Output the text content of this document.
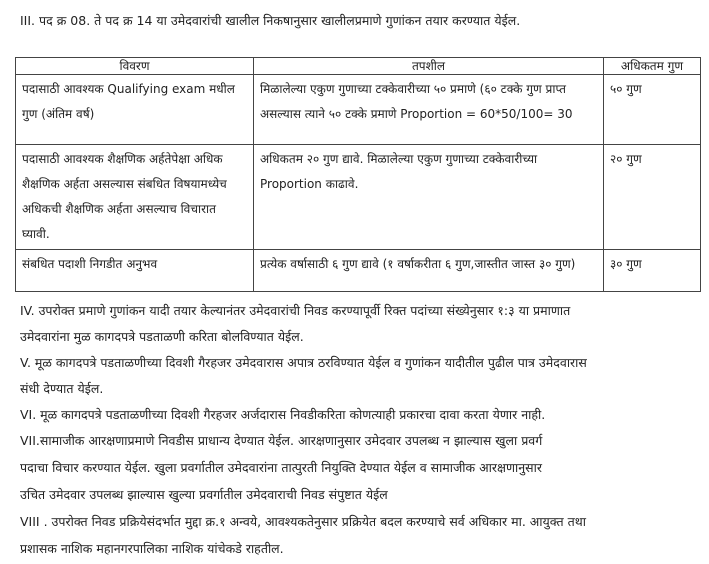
III. पद क्र 08. ते पद क्र 14 या उमेदवारांची खालील निकषानुसार खालीलप्रमाणे गुणांकन तयार करण्यात येईल.
विवरण	तपशील	अधिकतम गुण
पदासाठी आवश्यक Qualifying exam मधील गुण (अंतिम वर्ष)	मिळालेल्या एकुण गुणाच्या टक्केवारीच्या ५० प्रमाणे (६० टक्के गुण प्राप्त असल्यास त्याने ५० टक्के प्रमाणे Proportion = 60*50/100= 30	५० गुण
पदासाठी आवश्यक शैक्षणिक अर्हतेपेक्षा अधिक शैक्षणिक अर्हता असल्यास संबधित विषयामध्येच अधिकची शैक्षणिक अर्हता असल्याच विचारात घ्यावी.	अधिकतम २० गुण द्यावे. मिळालेल्या एकुण गुणाच्या टक्केवारीच्या Proportion काढावे.	२० गुण
संबधित पदाशी निगडीत अनुभव	प्रत्येक वर्षासाठी ६ गुण द्यावे (१ वर्षाकरीता ६ गुण,जास्तीत जास्त ३० गुण)	३० गुण
IV. उपरोक्त प्रमाणे गुणांकन यादी तयार केल्यानंतर उमेदवारांची निवड करण्यापूर्वी रिक्त पदांच्या संख्येनुसार १:३ या प्रमाणात
उमेदवारांना मुळ कागदपत्रे पडताळणी करिता बोलविण्यात येईल.
V. मूळ कागदपत्रे पडताळणीच्या दिवशी गैरहजर उमेदवारास अपात्र ठरविण्यात येईल व गुणांकन यादीतील पुढील पात्र उमेदवारास
संधी देण्यात येईल.
VI. मूळ कागदपत्रे पडताळणीच्या दिवशी गैरहजर अर्जदारास निवडीकरिता कोणत्याही प्रकारचा दावा करता येणार नाही.
VII.सामाजीक आरक्षणाप्रमाणे निवडीस प्राधान्य देण्यात येईल. आरक्षणानुसार उमेदवार उपलब्ध न झाल्यास खुला प्रवर्ग
पदाचा विचार करण्यात येईल. खुला प्रवर्गातील उमेदवारांना तात्पुरती नियुक्ति देण्यात येईल व सामाजीक आरक्षणानुसार
उचित उमेदवार उपलब्ध झाल्यास खुल्या प्रवर्गातील उमेदवाराची निवड संपुष्टात येईल
VIII . उपरोक्त निवड प्रक्रियेसंदर्भात मुद्दा क्र.१ अन्वये, आवश्यकतेनुसार प्रक्रियेत बदल करण्याचे सर्व अधिकार मा. आयुक्त तथा
प्रशासक नाशिक महानगरपालिका नाशिक यांचेकडे राहतील.
